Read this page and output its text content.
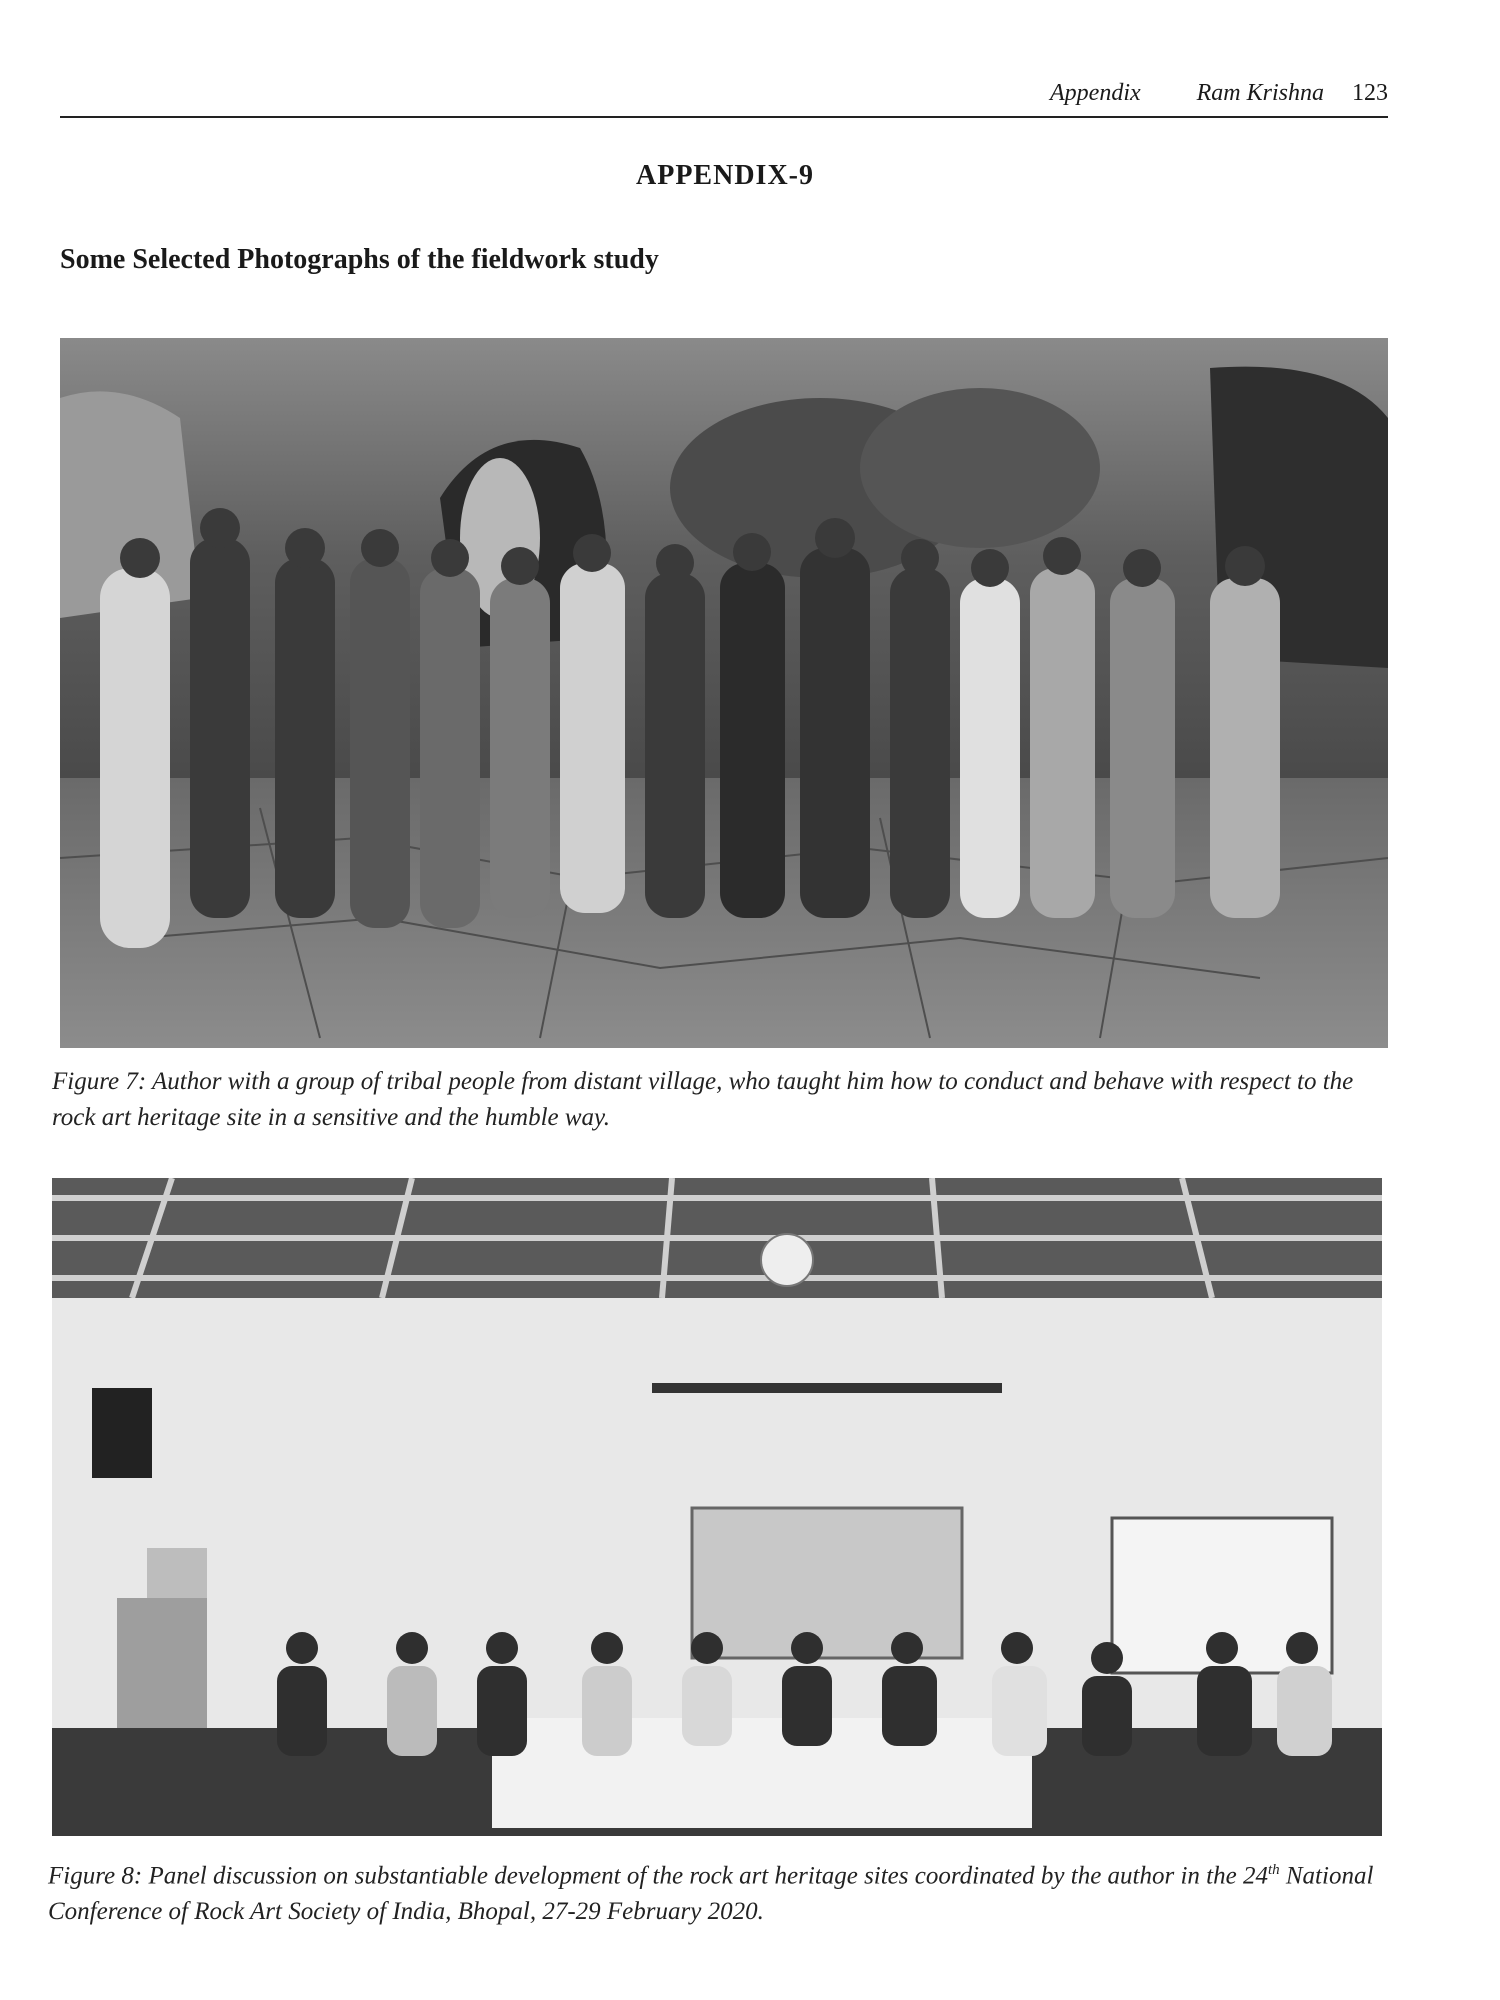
Appendix Ram Krishna 123
APPENDIX-9
Some Selected Photographs of the fieldwork study
Figure 7: Author with a group of tribal people from distant village, who taught him how to conduct and behave with respect to the rock art heritage site in a sensitive and the humble way.
Figure 8: Panel discussion on substantiable development of the rock art heritage sites coordinated by the author in the 24th National Conference of Rock Art Society of India, Bhopal, 27-29 February 2020.
